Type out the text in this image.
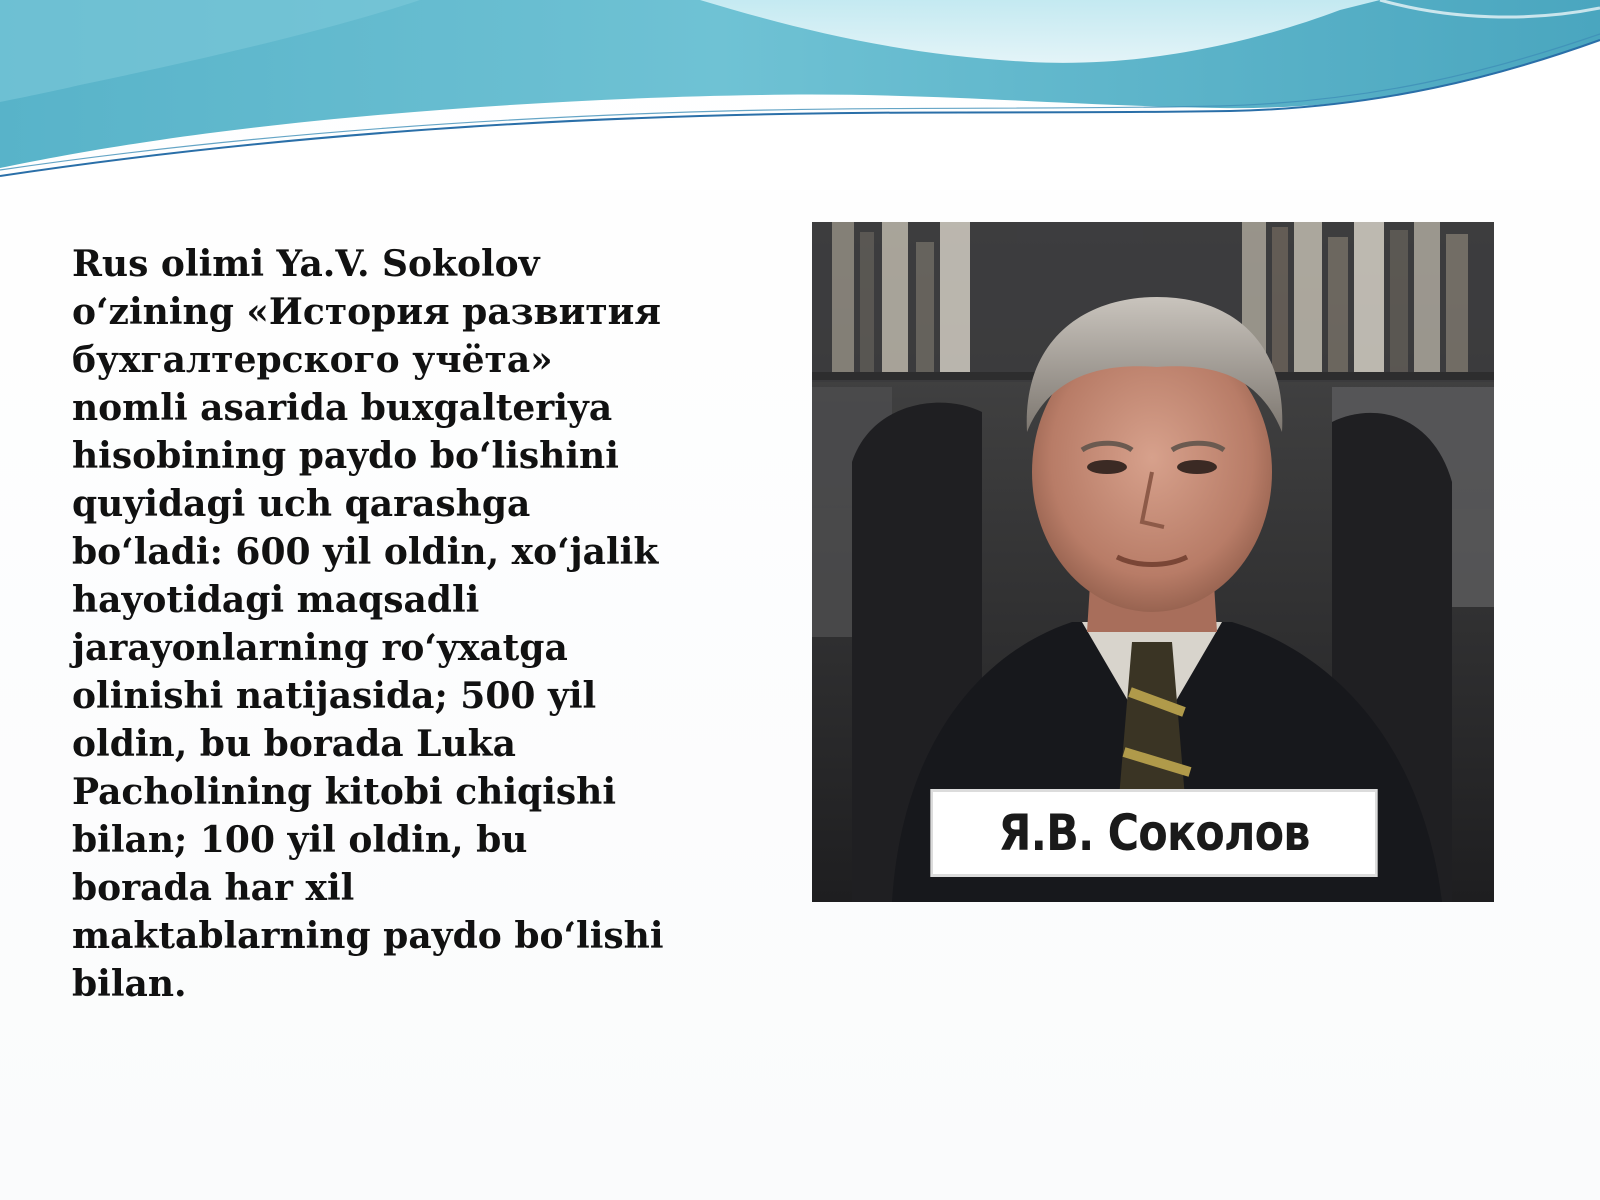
Rus olimi Ya.V. Sokolov
o‘zining «История развития
бухгалтерского учёта»
nomli asarida buxgalteriya
hisobining paydo bo‘lishini
quyidagi uch qarashga
bo‘ladi: 600 yil oldin, xo‘jalik
hayotidagi maqsadli
jarayonlarning ro‘yxatga
olinishi natijasida; 500 yil
oldin, bu borada Luka
Pacholining kitobi chiqishi
bilan; 100 yil oldin, bu
borada har xil
maktablarning paydo bo‘lishi
bilan.

Я.В. Соколов
